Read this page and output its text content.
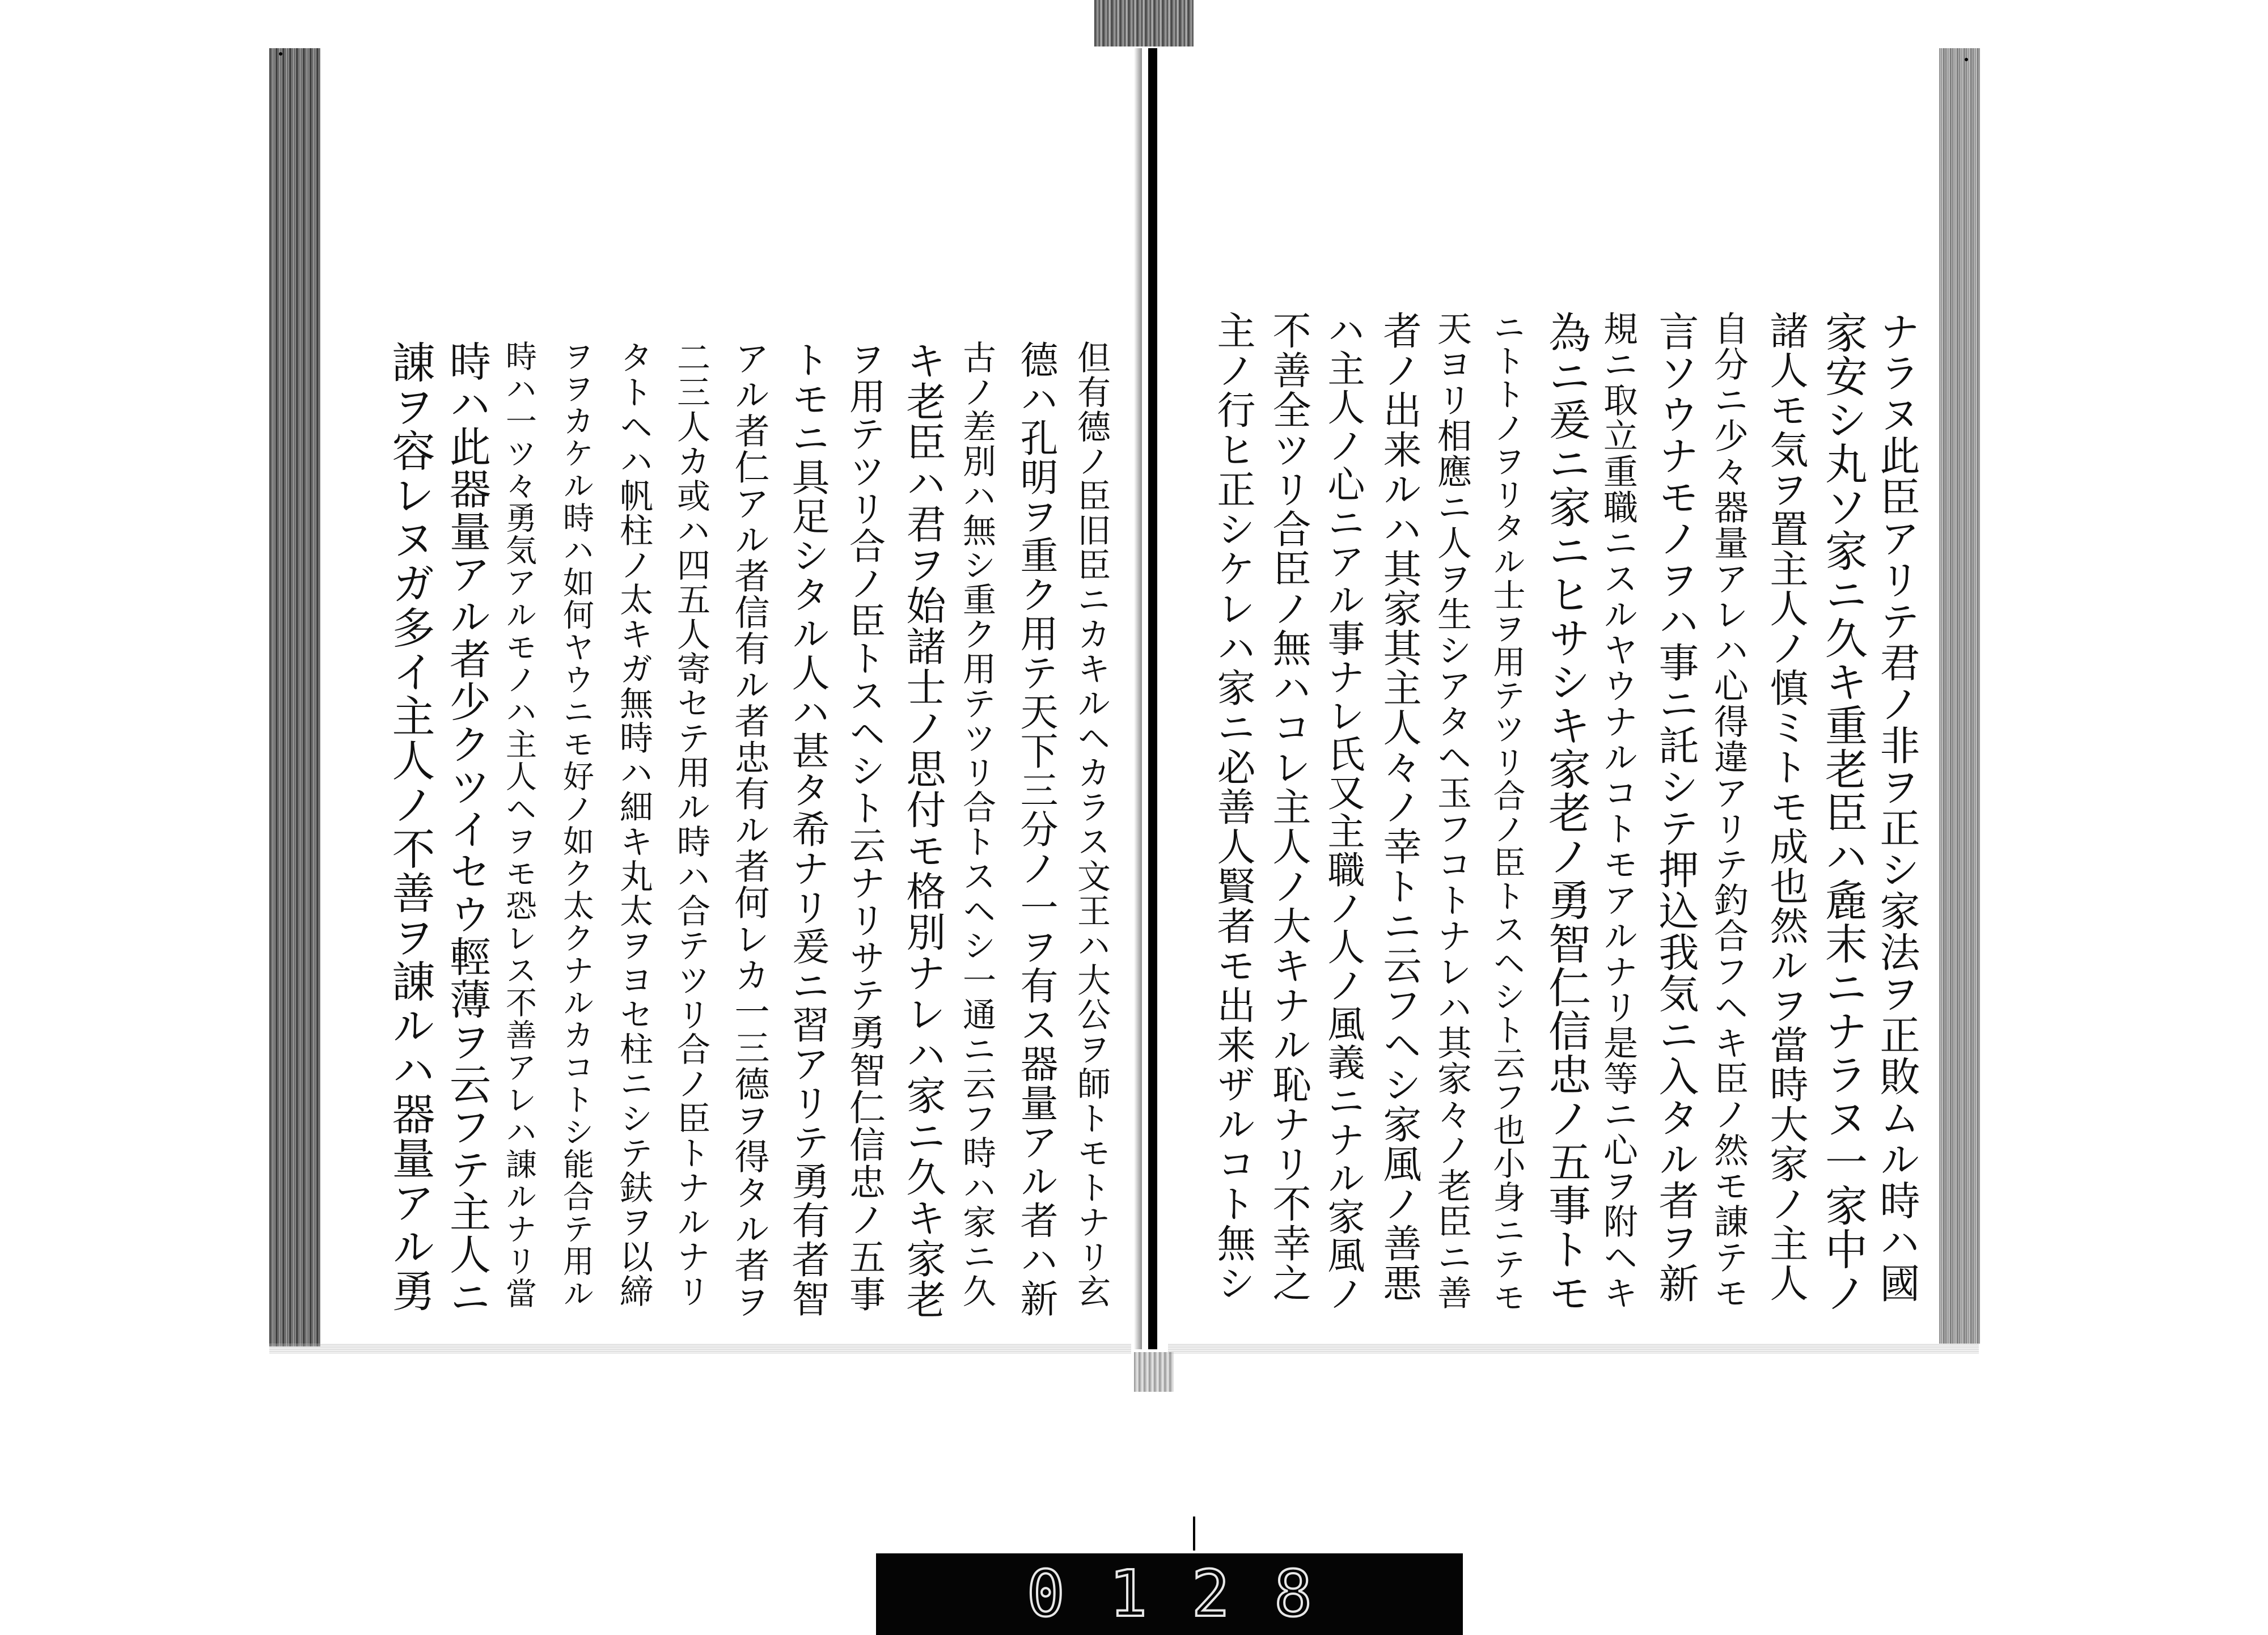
0128
ナラヌ此臣アリテ君ノ非ヲ正シ家法ヲ正敗ムル時ハ國
家安シ丸ソ家ニ久キ重老臣ハ麁末ニナラヌ一家中ノ
諸人モ気ヲ置主人ノ慎ミトモ成也然ルヲ當時大家ノ主人
自分ニ少々器量アレハ心得違アリテ釣合フヘキ臣ノ然モ諌テモ
言ソウナモノヲハ事ニ託シテ押込我気ニ入タル者ヲ新
規ニ取立重職ニスルヤウナルコトモアルナリ是等ニ心ヲ附ヘキ
為ニ爰ニ家ニヒサシキ家老ノ勇智仁信忠ノ五事トモ
ニトトノヲリタル士ヲ用テツリ合ノ臣トスヘシト云フ也小身ニテモ
天ヨリ相應ニ人ヲ生シアタヘ玉フコトナレハ其家々ノ老臣ニ善
者ノ出来ルハ其家其主人々ノ幸トニ云フヘシ家風ノ善悪
ハ主人ノ心ニアル事ナレ氏又主職ノ人ノ風義ニナル家風ノ
不善全ツリ合臣ノ無ハコレ主人ノ大キナル恥ナリ不幸之
主ノ行ヒ正シケレハ家ニ必善人賢者モ出来ザルコト無シ
但有德ノ臣旧臣ニカキルヘカラス文王ハ大公ヲ師トモトナリ玄
德ハ孔明ヲ重ク用テ天下三分ノ一ヲ有ス器量アル者ハ新
古ノ差別ハ無シ重ク用テツリ合トスヘシ一通ニ云フ時ハ家ニ久
キ老臣ハ君ヲ始諸士ノ思付モ格別ナレハ家ニ久キ家老
ヲ用テツリ合ノ臣トスヘシト云ナリサテ勇智仁信忠ノ五事
トモニ具足シタル人ハ甚タ希ナリ爰ニ習アリテ勇有者智
アル者仁アル者信有ル者忠有ル者何レカ一三德ヲ得タル者ヲ
二三人カ或ハ四五人寄セテ用ル時ハ合テツリ合ノ臣トナルナリ
タトヘハ帆柱ノ太キガ無時ハ細キ丸太ヲヨセ柱ニシテ鈇ヲ以締
ヲヲカケル時ハ如何ヤウニモ好ノ如ク太クナルカコトシ能合テ用ル
時ハ一ツ々勇気アルモノハ主人ヘヲモ恐レス不善アレハ諌ルナリ當
時ハ此器量アル者少クツイセウ輕薄ヲ云フテ主人ニ
諌ヲ容レヌガ多イ主人ノ不善ヲ諌ルハ器量アル勇
